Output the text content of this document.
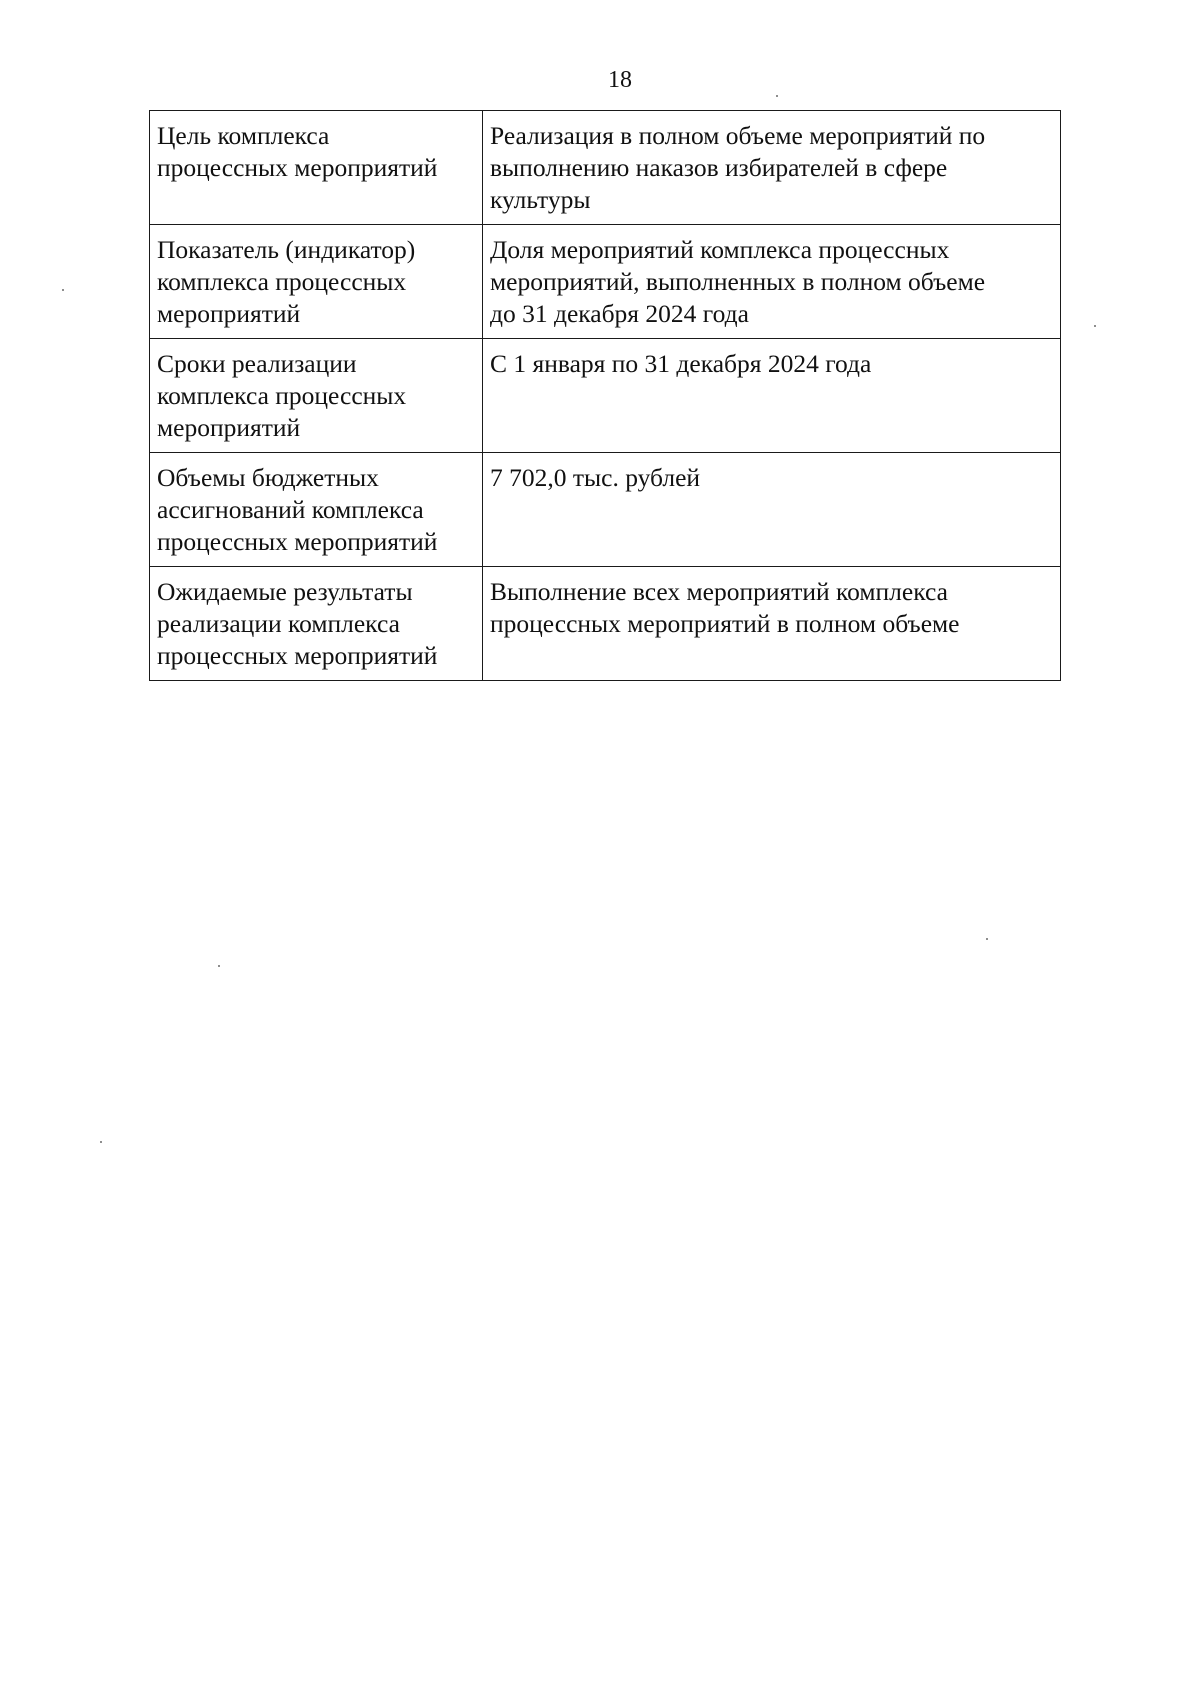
18
Цель комплекса
процессных мероприятий	Реализация в полном объеме мероприятий по
выполнению наказов избирателей в сфере
культуры

Показатель (индикатор)
комплекса процессных
мероприятий	Доля мероприятий комплекса процессных
мероприятий, выполненных в полном объеме
до 31 декабря 2024 года

Сроки реализации
комплекса процессных
мероприятий	С 1 января по 31 декабря 2024 года

Объемы бюджетных
ассигнований комплекса
процессных мероприятий	7 702,0 тыс. рублей

Ожидаемые результаты
реализации комплекса
процессных мероприятий	Выполнение всех мероприятий комплекса
процессных мероприятий в полном объеме
